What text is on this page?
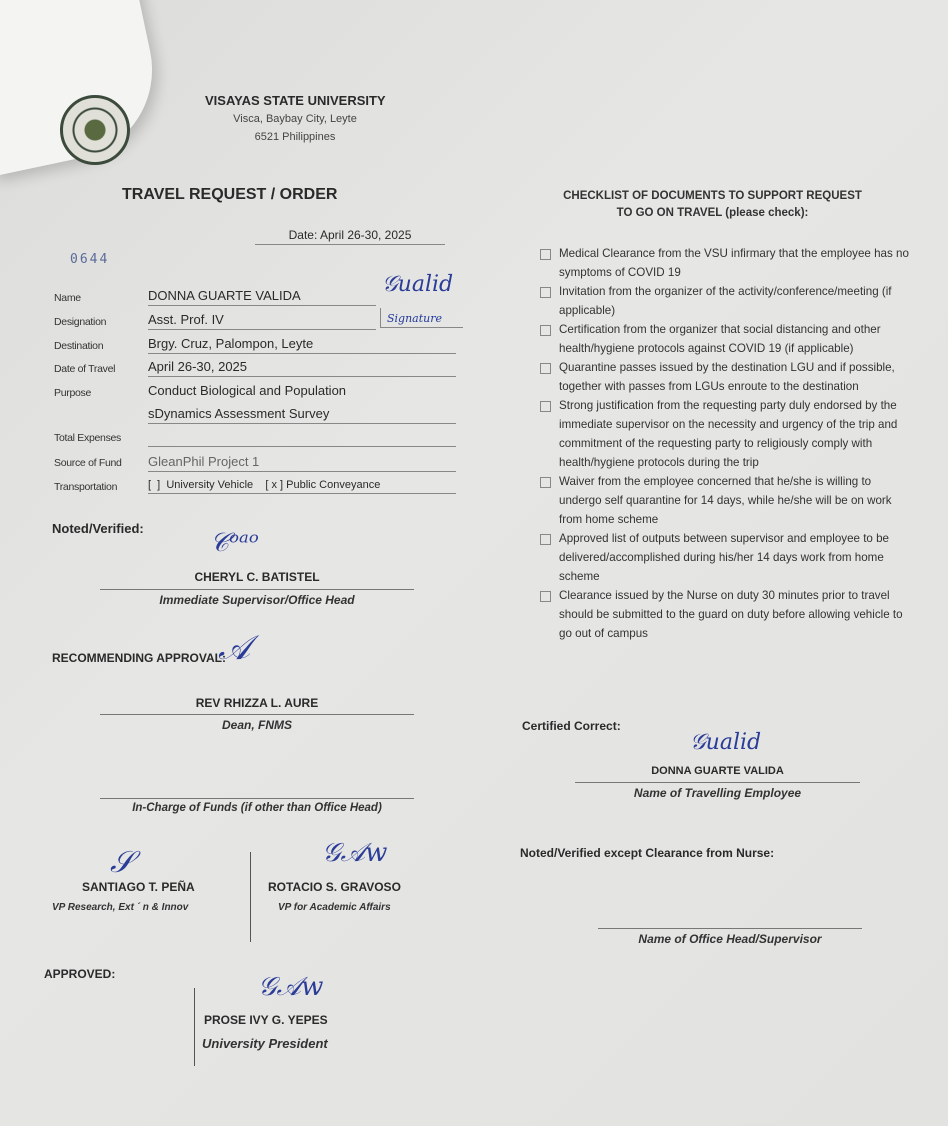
VISAYAS STATE UNIVERSITY
Visca, Baybay City, Leyte
6521 Philippines
TRAVEL REQUEST / ORDER
Date: April 26-30, 2025
0644
Name	DONNA GUARTE VALIDA
Designation	Asst. Prof. IV	Signature
𝒢ualid
Destination	Brgy. Cruz, Palompon, Leyte
Date of Travel	April 26-30, 2025
Purpose	Conduct Biological and Population
sDynamics Assessment Survey
Total Expenses
Source of Fund GleanPhil Project 1
Transportation	[  ]  University Vehicle    [ x ] Public Conveyance
Noted/Verified:	𝒞ᵒᵃᵒ
CHERYL C. BATISTEL
Immediate Supervisor/Office Head
RECOMMENDING APPROVAL:
𝒜
REV RHIZZA L. AURE
Dean, FNMS
In-Charge of Funds (if other than Office Head)
𝒮
SANTIAGO T. PEÑA
VP Research, Ext ´ n & Innov
𝒢𝒜w
ROTACIO S. GRAVOSO
VP for Academic Affairs
APPROVED:	𝒢𝒜w
PROSE IVY G. YEPES
University President
CHECKLIST OF DOCUMENTS TO SUPPORT REQUEST
TO GO ON TRAVEL (please check):
Medical Clearance from the VSU infirmary that the employee has no symptoms of COVID 19
Invitation from the organizer of the activity/conference/meeting (if applicable)
Certification from the organizer that social distancing and other health/hygiene protocols against COVID 19 (if applicable)
Quarantine passes issued by the destination LGU and if possible, together with passes from LGUs enroute to the destination
Strong justification from the requesting party duly endorsed by the immediate supervisor on the necessity and urgency of the trip and commitment of the requesting party to religiously comply with health/hygiene protocols during the trip
Waiver from the employee concerned that he/she is willing to undergo self quarantine for 14 days, while he/she will be on work from home scheme
Approved list of outputs between supervisor and employee to be delivered/accomplished during his/her 14 days work from home scheme
Clearance issued by the Nurse on duty 30 minutes prior to travel should be submitted to the guard on duty before allowing vehicle to go out of campus
Certified Correct:
𝒢ualid
DONNA GUARTE VALIDA
Name of Travelling Employee
Noted/Verified except Clearance from Nurse:
Name of Office Head/Supervisor
